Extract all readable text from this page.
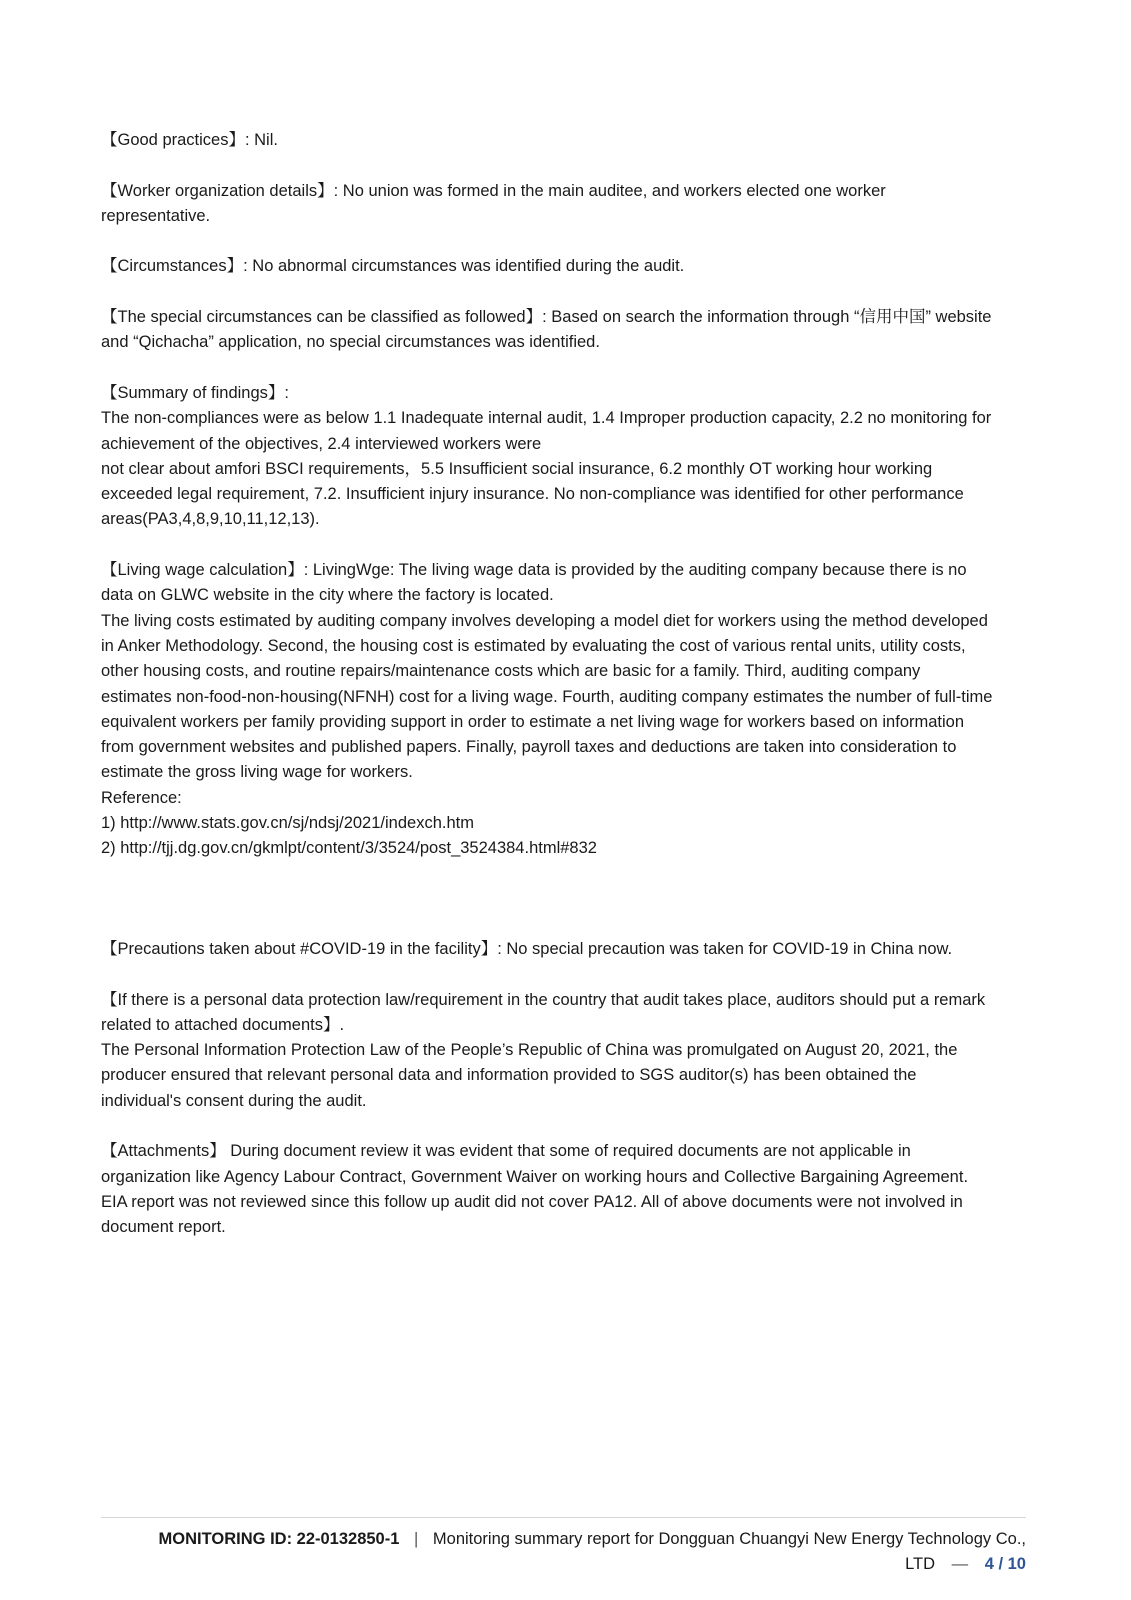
【Good practices】: Nil.
【Worker organization details】: No union was formed in the main auditee, and workers elected one worker
representative.
【Circumstances】: No abnormal circumstances was identified during the audit.
【The special circumstances can be classified as followed】: Based on search the information through “信用中国” website
and “Qichacha” application, no special circumstances was identified.
【Summary of findings】:
The non-compliances were as below 1.1 Inadequate internal audit, 1.4 Improper production capacity, 2.2 no monitoring for
achievement of the objectives, 2.4 interviewed workers were
not clear about amfori BSCI requirements，5.5 Insufficient social insurance, 6.2 monthly OT working hour working
exceeded legal requirement, 7.2. Insufficient injury insurance. No non-compliance was identified for other performance
areas(PA3,4,8,9,10,11,12,13).
【Living wage calculation】: LivingWge: The living wage data is provided by the auditing company because there is no
data on GLWC website in the city where the factory is located.
The living costs estimated by auditing company involves developing a model diet for workers using the method developed
in Anker Methodology. Second, the housing cost is estimated by evaluating the cost of various rental units, utility costs,
other housing costs, and routine repairs/maintenance costs which are basic for a family. Third, auditing company
estimates non-food-non-housing(NFNH) cost for a living wage. Fourth, auditing company estimates the number of full-time
equivalent workers per family providing support in order to estimate a net living wage for workers based on information
from government websites and published papers. Finally, payroll taxes and deductions are taken into consideration to
estimate the gross living wage for workers.
Reference:
1) http://www.stats.gov.cn/sj/ndsj/2021/indexch.htm
2) http://tjj.dg.gov.cn/gkmlpt/content/3/3524/post_3524384.html#832
【Precautions taken about #COVID-19 in the facility】: No special precaution was taken for COVID-19 in China now.
【If there is a personal data protection law/requirement in the country that audit takes place, auditors should put a remark
related to attached documents】.
The Personal Information Protection Law of the People’s Republic of China was promulgated on August 20, 2021, the
producer ensured that relevant personal data and information provided to SGS auditor(s) has been obtained the
individual's consent during the audit.
【Attachments】 During document review it was evident that some of required documents are not applicable in
organization like Agency Labour Contract, Government Waiver on working hours and Collective Bargaining Agreement.
EIA report was not reviewed since this follow up audit did not cover PA12. All of above documents were not involved in
document report.
MONITORING ID: 22-0132850-1 | Monitoring summary report for Dongguan Chuangyi New Energy Technology Co.,
LTD — 4 / 10
